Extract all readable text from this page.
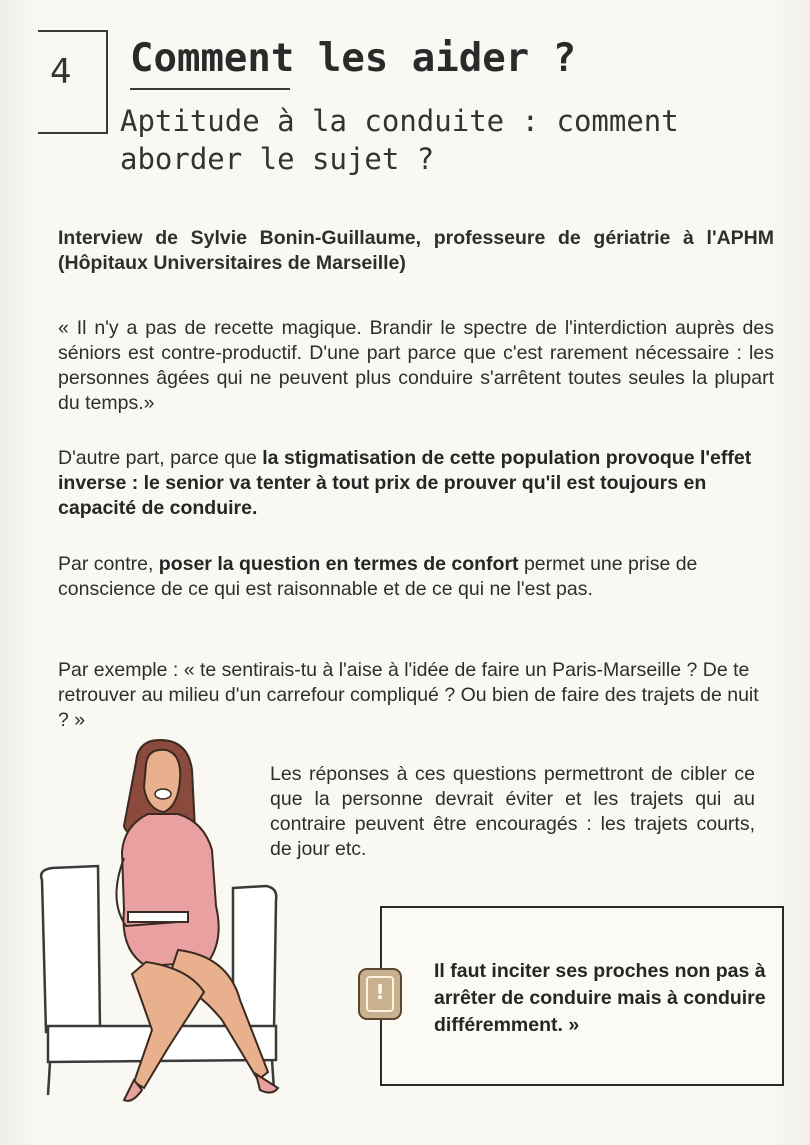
4 Comment les aider ?
Aptitude à la conduite : comment aborder le sujet ?

Interview de Sylvie Bonin-Guillaume, professeure de gériatrie à l'APHM (Hôpitaux Universitaires de Marseille)

« Il n'y a pas de recette magique. Brandir le spectre de l'interdiction auprès des séniors est contre-productif. D'une part parce que c'est rarement nécessaire : les personnes âgées qui ne peuvent plus conduire s'arrêtent toutes seules la plupart du temps.»

D'autre part, parce que la stigmatisation de cette population provoque l'effet inverse : le senior va tenter à tout prix de prouver qu'il est toujours en capacité de conduire.

Par contre, poser la question en termes de confort permet une prise de conscience de ce qui est raisonnable et de ce qui ne l'est pas.

Par exemple : « te sentirais-tu à l'aise à l'idée de faire un Paris-Marseille ? De te retrouver au milieu d'un carrefour compliqué ? Ou bien de faire des trajets de nuit ? »

Les réponses à ces questions permettront de cibler ce que la personne devrait éviter et les trajets qui au contraire peuvent être encouragés : les trajets courts, de jour etc.

!

Il faut inciter ses proches non pas à arrêter de conduire mais à conduire différemment. »
